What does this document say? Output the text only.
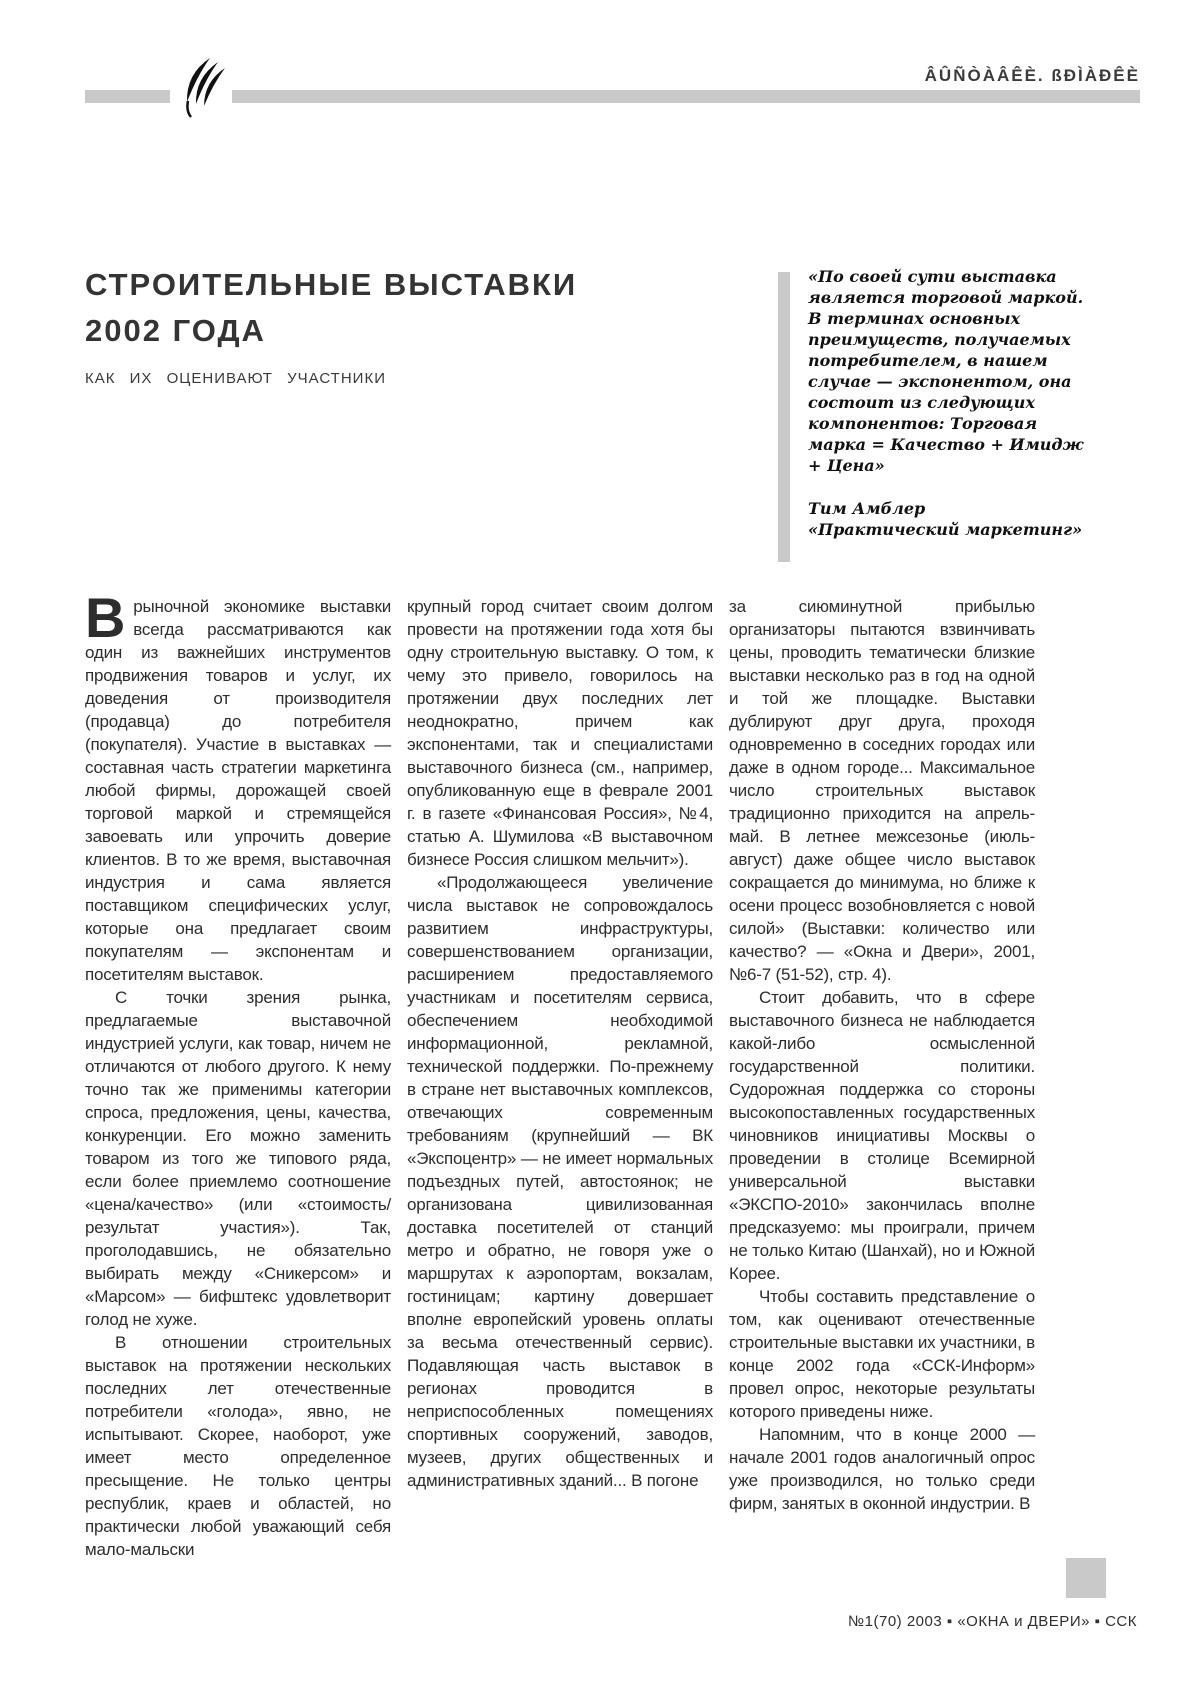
ÂÛÑÒÀÂÊÈ. ßÐÌÀÐÊÈ
СТРОИТЕЛЬНЫЕ ВЫСТАВКИ
2002 ГОДА
КАК ИХ ОЦЕНИВАЮТ УЧАСТНИКИ
«По своей сути выставка является торговой маркой. В терминах основных преимуществ, получаемых потребителем, в нашем случае — экспонентом, она состоит из следующих компонентов: Торговая марка = Качество + Имидж + Цена»
Тим Амблер
«Практический маркетинг»

Врыночной экономике выставки всегда рассматриваются как один из важнейших инструментов продвижения товаров и услуг, их доведения от производителя (продавца) до потребителя (покупателя). Участие в выставках — составная часть стратегии маркетинга любой фирмы, дорожащей своей торговой маркой и стремящейся завоевать или упрочить доверие клиентов. В то же время, выставочная индустрия и сама является поставщиком специфических услуг, которые она предлагает своим покупателям — экспонентам и посетителям выставок.

С точки зрения рынка, предлагаемые выставочной индустрией услуги, как товар, ничем не отличаются от любого другого. К нему точно так же применимы категории спроса, предложения, цены, качества, конкуренции. Его можно заменить товаром из того же типового ряда, если более приемлемо соотношение «цена/качество» (или «стоимость/результат участия»). Так, проголодавшись, не обязательно выбирать между «Сникерсом» и «Марсом» — бифштекс удовлетворит голод не хуже.

В отношении строительных выставок на протяжении нескольких последних лет отечественные потребители «голода», явно, не испытывают. Скорее, наоборот, уже имеет место определенное пресыщение. Не только центры республик, краев и областей, но практически любой уважающий себя мало-мальски

крупный город считает своим долгом провести на протяжении года хотя бы одну строительную выставку. О том, к чему это привело, говорилось на протяжении двух последних лет неоднократно, причем как экспонентами, так и специалистами выставочного бизнеса (см., например, опубликованную еще в феврале 2001 г. в газете «Финансовая Россия», №4, статью А. Шумилова «В выставочном бизнесе Россия слишком мельчит»).

«Продолжающееся увеличение числа выставок не сопровождалось развитием инфраструктуры, совершенствованием организации, расширением предоставляемого участникам и посетителям сервиса, обеспечением необходимой информационной, рекламной, технической поддержки. По-прежнему в стране нет выставочных комплексов, отвечающих современным требованиям (крупнейший — ВК «Экспоцентр» — не имеет нормальных подъездных путей, автостоянок; не организована цивилизованная доставка посетителей от станций метро и обратно, не говоря уже о маршрутах к аэропортам, вокзалам, гостиницам; картину довершает вполне европейский уровень оплаты за весьма отечественный сервис). Подавляющая часть выставок в регионах проводится в неприспособленных помещениях спортивных сооружений, заводов, музеев, других общественных и административных зданий... В погоне

за сиюминутной прибылью организаторы пытаются взвинчивать цены, проводить тематически близкие выставки несколько раз в год на одной и той же площадке. Выставки дублируют друг друга, проходя одновременно в соседних городах или даже в одном городе... Максимальное число строительных выставок традиционно приходится на апрель-май. В летнее межсезонье (июль-август) даже общее число выставок сокращается до минимума, но ближе к осени процесс возобновляется с новой силой» (Выставки: количество или качество? — «Окна и Двери», 2001, №6-7 (51-52), стр. 4).

Стоит добавить, что в сфере выставочного бизнеса не наблюдается какой-либо осмысленной государственной политики. Судорожная поддержка со стороны высокопоставленных государственных чиновников инициативы Москвы о проведении в столице Всемирной универсальной выставки «ЭКСПО-2010» закончилась вполне предсказуемо: мы проиграли, причем не только Китаю (Шанхай), но и Южной Корее.

Чтобы составить представление о том, как оценивают отечественные строительные выставки их участники, в конце 2002 года «ССК-Информ» провел опрос, некоторые результаты которого приведены ниже.

Напомним, что в конце 2000 — начале 2001 годов аналогичный опрос уже производился, но только среди фирм, занятых в оконной индустрии. В

№1(70) 2003 ▪ «ОКНА и ДВЕРИ» ▪ ССК
